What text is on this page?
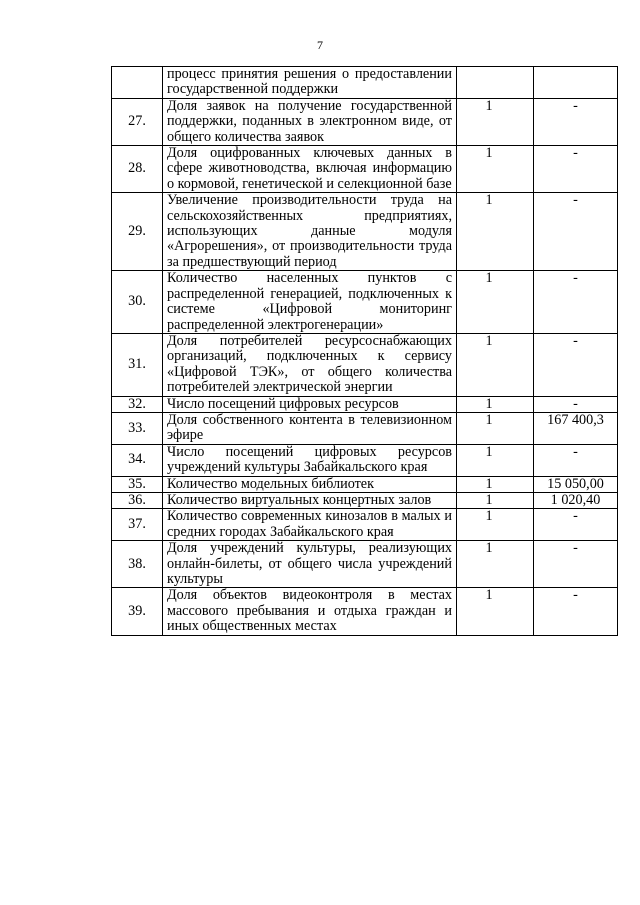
7
	процесс принятия решения о предоставлении государственной поддержки		
27.	Доля заявок на получение государственной поддержки, поданных в электронном виде, от общего количества заявок	1	-
28.	Доля оцифрованных ключевых данных в сфере животноводства, включая информацию о кормовой, генетической и селекционной базе	1	-
29.	Увеличение производительности труда на сельскохозяйственных предприятиях, использующих данные модуля «Агрорешения», от производительности труда за предшествующий период	1	-
30.	Количество населенных пунктов с распределенной генерацией, подключенных к системе «Цифровой мониторинг распределенной электрогенерации»	1	-
31.	Доля потребителей ресурсоснабжающих организаций, подключенных к сервису «Цифровой ТЭК», от общего количества потребителей электрической энергии	1	-
32.	Число посещений цифровых ресурсов	1	-
33.	Доля собственного контента в телевизионном эфире	1	167 400,3
34.	Число посещений цифровых ресурсов учреждений культуры Забайкальского края	1	-
35.	Количество модельных библиотек	1	15 050,00
36.	Количество виртуальных концертных залов	1	1 020,40
37.	Количество современных кинозалов в малых и средних городах Забайкальского края	1	-
38.	Доля учреждений культуры, реализующих онлайн-билеты, от общего числа учреждений культуры	1	-
39.	Доля объектов видеоконтроля в местах массового пребывания и отдыха граждан и иных общественных местах	1	-
